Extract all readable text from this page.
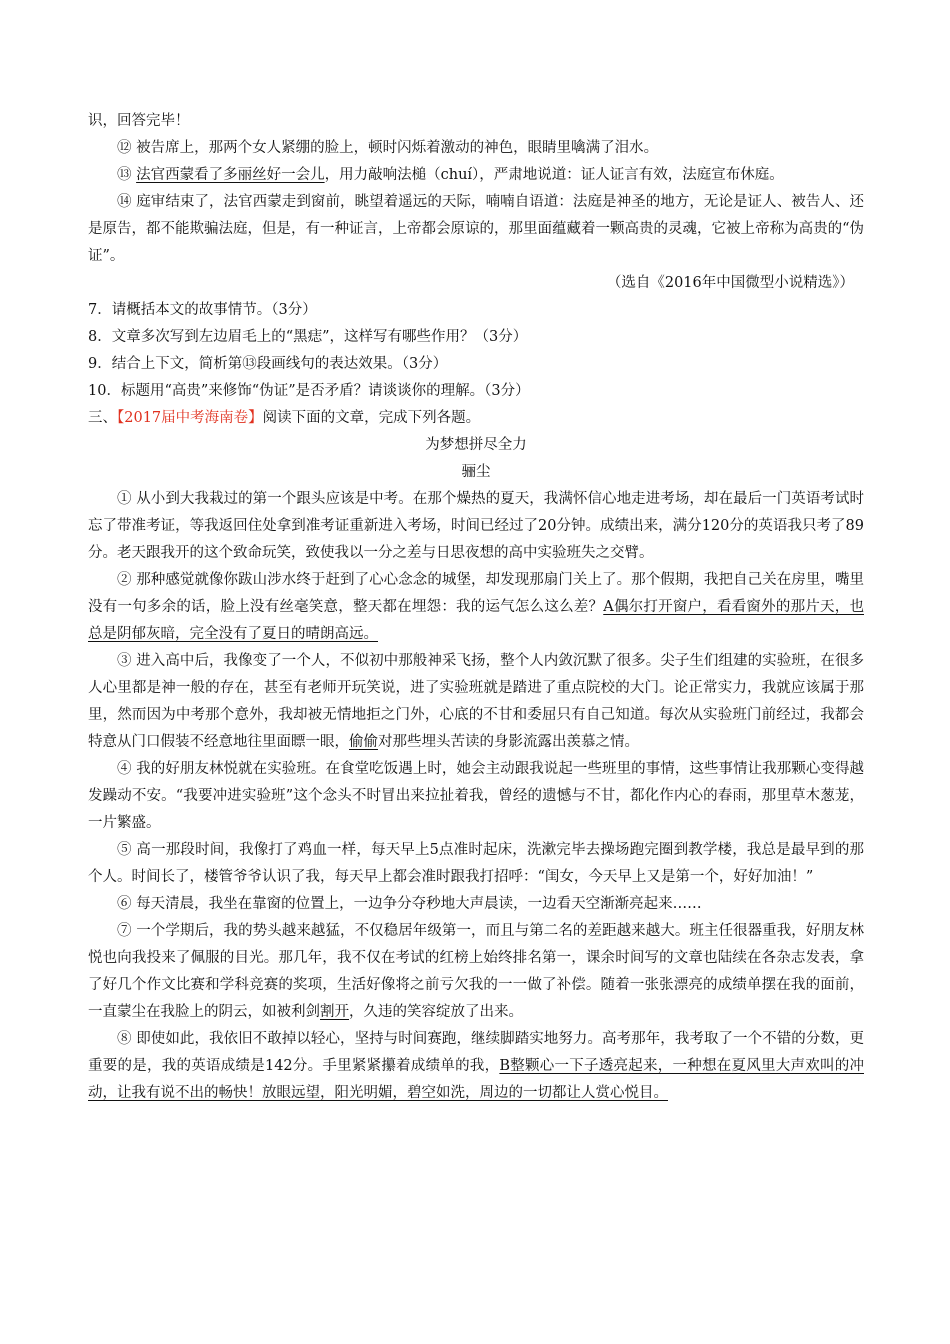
识，回答完毕！

⑫ 被告席上，那两个女人紧绷的脸上，顿时闪烁着激动的神色，眼睛里噙满了泪水。

⑬ 法官西蒙看了多丽丝好一会儿，用力敲响法槌（chuí），严肃地说道：证人证言有效，法庭宣布休庭。

⑭ 庭审结束了，法官西蒙走到窗前，眺望着遥远的天际，喃喃自语道：法庭是神圣的地方，无论是证人、被告人、还是原告，都不能欺骗法庭，但是，有一种证言，上帝都会原谅的，那里面蕴藏着一颗高贵的灵魂，它被上帝称为高贵的“伪证”。

（选自《2016年中国微型小说精选》）

7．请概括本文的故事情节。（3分）

8．文章多次写到左边眉毛上的“黑痣”，这样写有哪些作用？（3分）

9．结合上下文，简析第⑬段画线句的表达效果。（3分）

10．标题用“高贵”来修饰“伪证”是否矛盾？请谈谈你的理解。（3分）

三、【2017届中考海南卷】阅读下面的文章，完成下列各题。

为梦想拼尽全力

骊尘

① 从小到大我栽过的第一个跟头应该是中考。在那个燥热的夏天，我满怀信心地走进考场，却在最后一门英语考试时忘了带准考证，等我返回住处拿到准考证重新进入考场，时间已经过了20分钟。成绩出来，满分120分的英语我只考了89分。老天跟我开的这个致命玩笑，致使我以一分之差与日思夜想的高中实验班失之交臂。

② 那种感觉就像你跋山涉水终于赶到了心心念念的城堡，却发现那扇门关上了。那个假期，我把自己关在房里，嘴里没有一句多余的话，脸上没有丝毫笑意，整天都在埋怨：我的运气怎么这么差？A偶尔打开窗户，看看窗外的那片天，也总是阴郁灰暗，完全没有了夏日的晴朗高远。

③ 进入高中后，我像变了一个人，不似初中那般神采飞扬，整个人内敛沉默了很多。尖子生们组建的实验班，在很多人心里都是神一般的存在，甚至有老师开玩笑说，进了实验班就是踏进了重点院校的大门。论正常实力，我就应该属于那里，然而因为中考那个意外，我却被无情地拒之门外，心底的不甘和委屈只有自己知道。每次从实验班门前经过，我都会特意从门口假装不经意地往里面瞟一眼，偷偷对那些埋头苦读的身影流露出羡慕之情。

④ 我的好朋友林悦就在实验班。在食堂吃饭遇上时，她会主动跟我说起一些班里的事情，这些事情让我那颗心变得越发躁动不安。“我要冲进实验班”这个念头不时冒出来拉扯着我，曾经的遗憾与不甘，都化作内心的春雨，那里草木葱茏，一片繁盛。

⑤ 高一那段时间，我像打了鸡血一样，每天早上5点准时起床，洗漱完毕去操场跑完圈到教学楼，我总是最早到的那个人。时间长了，楼管爷爷认识了我，每天早上都会准时跟我打招呼：“闺女，今天早上又是第一个，好好加油！”

⑥ 每天清晨，我坐在靠窗的位置上，一边争分夺秒地大声晨读，一边看天空渐渐亮起来……

⑦ 一个学期后，我的势头越来越猛，不仅稳居年级第一，而且与第二名的差距越来越大。班主任很器重我，好朋友林悦也向我投来了佩服的目光。那几年，我不仅在考试的红榜上始终排名第一，课余时间写的文章也陆续在各杂志发表，拿了好几个作文比赛和学科竞赛的奖项，生活好像将之前亏欠我的一一做了补偿。随着一张张漂亮的成绩单摆在我的面前，一直蒙尘在我脸上的阴云，如被利剑割开，久违的笑容绽放了出来。

⑧ 即使如此，我依旧不敢掉以轻心，坚持与时间赛跑，继续脚踏实地努力。高考那年，我考取了一个不错的分数，更重要的是，我的英语成绩是142分。手里紧紧攥着成绩单的我，B整颗心一下子透亮起来，一种想在夏风里大声欢叫的冲动，让我有说不出的畅快！放眼远望，阳光明媚，碧空如洗，周边的一切都让人赏心悦目。
